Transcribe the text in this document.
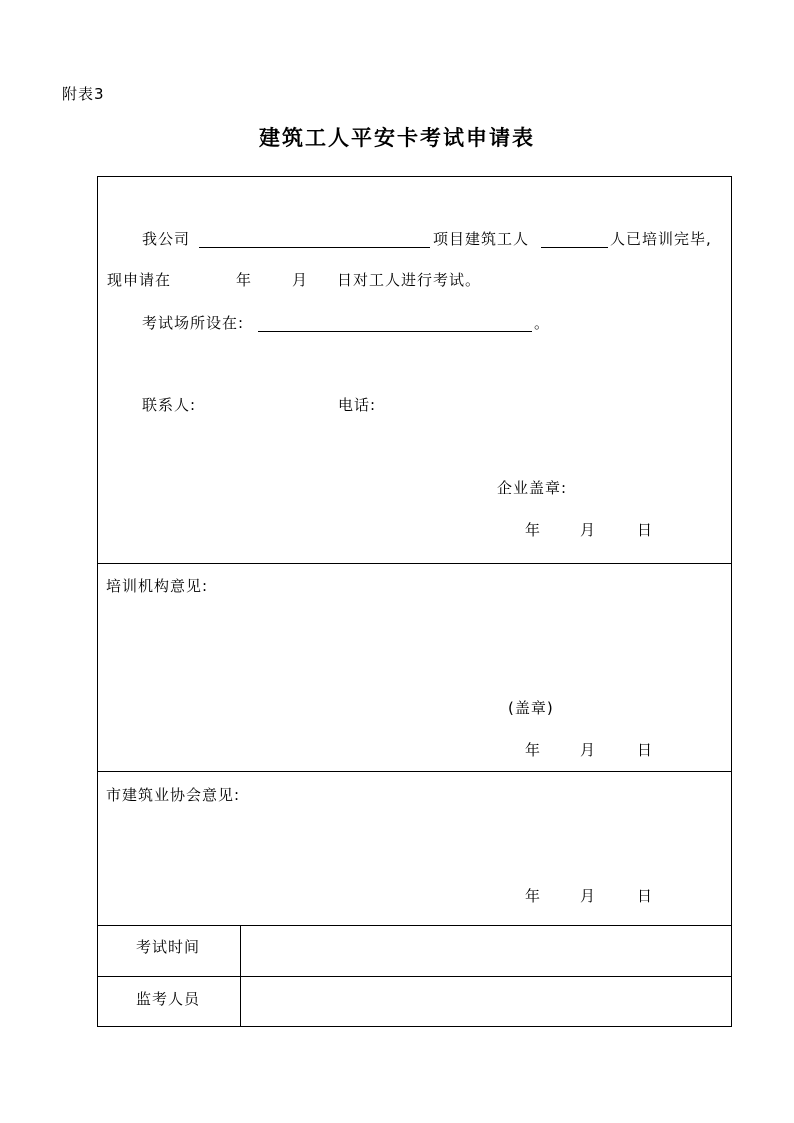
附表3
建筑工人平安卡考试申请表
我公司	项目建筑工人	人已培训完毕,
现申请在	年	月 日对工人进行考试。
考试场所设在:	。
联系人:	电话:
企业盖章:
年	月	日
培训机构意见:
(盖章)
年	月	日
市建筑业协会意见:
年	月	日
考试时间
监考人员
